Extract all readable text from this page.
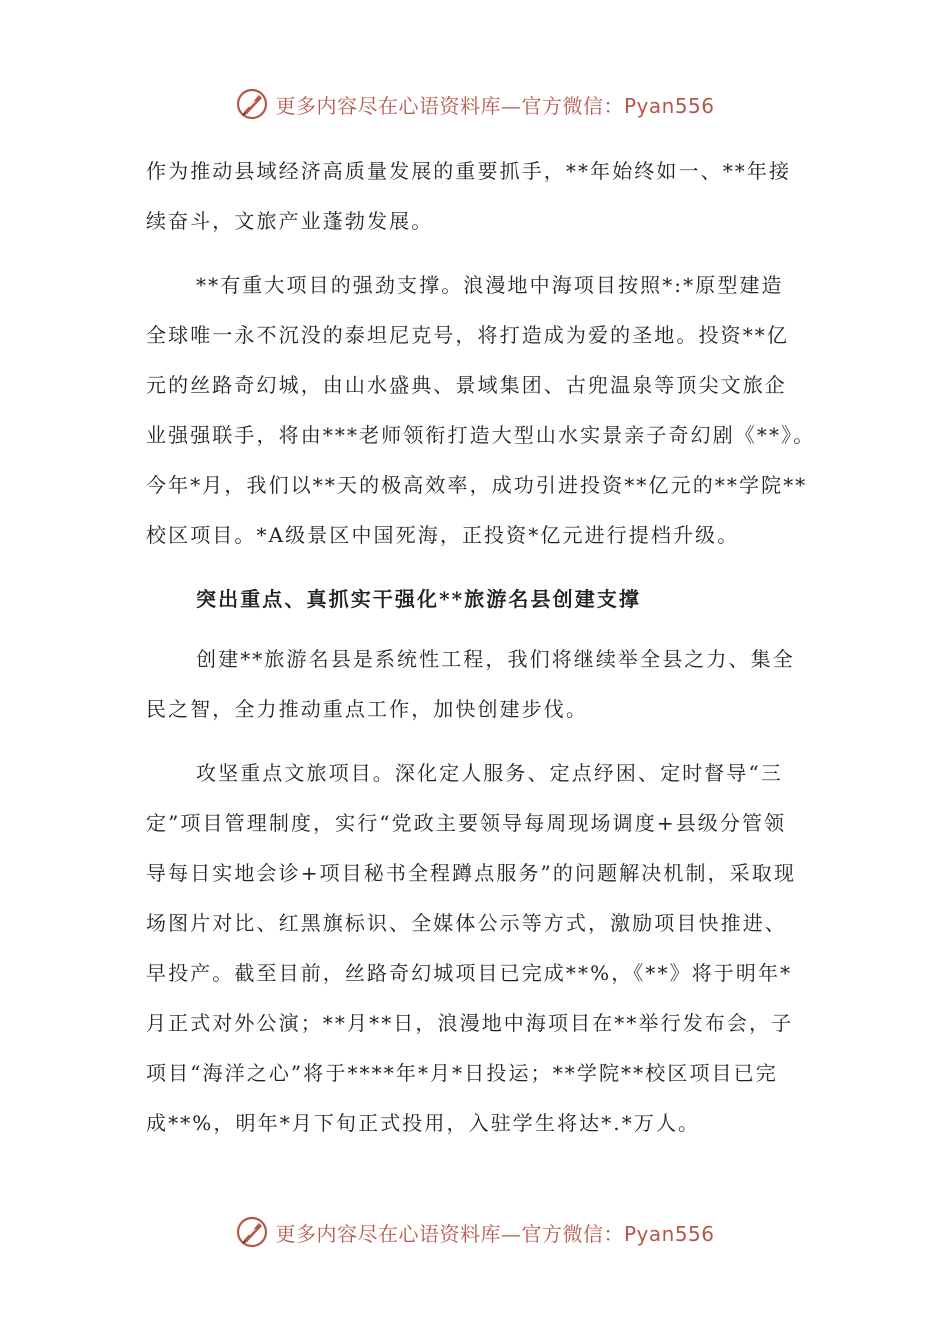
更多内容尽在心语资料库—官方微信：Pyan556
作为推动县域经济高质量发展的重要抓手，**年始终如一、**年接
续奋斗，文旅产业蓬勃发展。
**有重大项目的强劲支撑。浪漫地中海项目按照*:*原型建造
全球唯一永不沉没的泰坦尼克号，将打造成为爱的圣地。投资**亿
元的丝路奇幻城，由山水盛典、景域集团、古兜温泉等顶尖文旅企
业强强联手，将由***老师领衔打造大型山水实景亲子奇幻剧《**》。
今年*月，我们以**天的极高效率，成功引进投资**亿元的**学院**
校区项目。*A级景区中国死海，正投资*亿元进行提档升级。
突出重点、真抓实干强化**旅游名县创建支撑
创建**旅游名县是系统性工程，我们将继续举全县之力、集全
民之智，全力推动重点工作，加快创建步伐。
攻坚重点文旅项目。深化定人服务、定点纾困、定时督导“三
定”项目管理制度，实行“党政主要领导每周现场调度+县级分管领
导每日实地会诊+项目秘书全程蹲点服务”的问题解决机制，采取现
场图片对比、红黑旗标识、全媒体公示等方式，激励项目快推进、
早投产。截至目前，丝路奇幻城项目已完成**%，《**》将于明年*
月正式对外公演；**月**日，浪漫地中海项目在**举行发布会，子
项目“海洋之心”将于****年*月*日投运；**学院**校区项目已完
成**%，明年*月下旬正式投用，入驻学生将达*.*万人。
更多内容尽在心语资料库—官方微信：Pyan556
